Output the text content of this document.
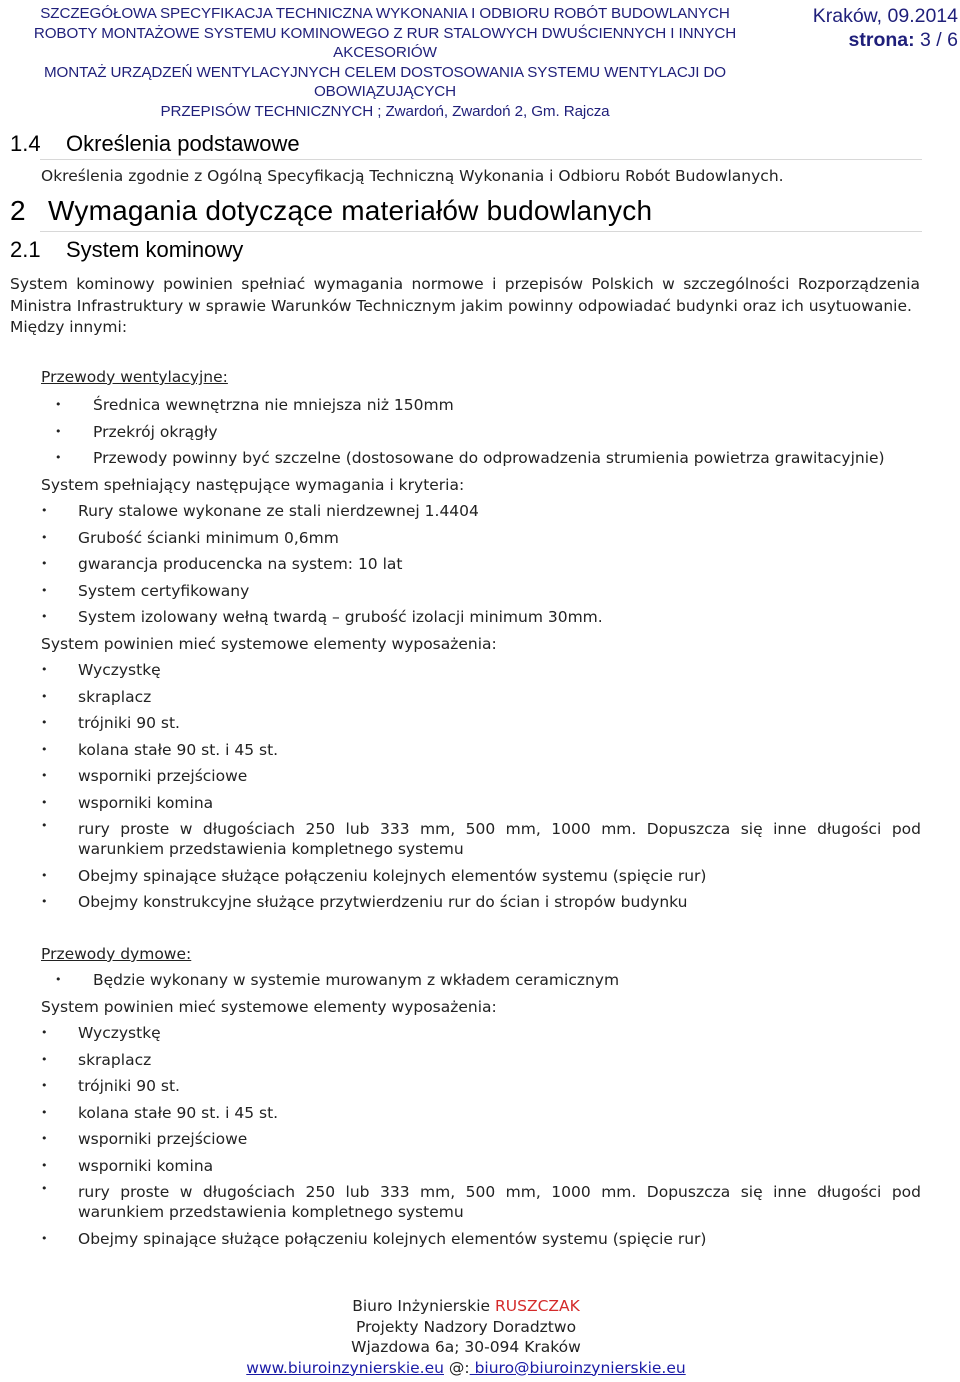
SZCZEGÓŁOWA SPECYFIKACJA TECHNICZNA WYKONANIA I ODBIORU ROBÓT BUDOWLANYCH
ROBOTY MONTAŻOWE SYSTEMU KOMINOWEGO Z RUR STALOWYCH DWUŚCIENNYCH I INNYCH AKCESORIÓW
MONTAŻ URZĄDZEŃ WENTYLACYJNYCH CELEM DOSTOSOWANIA SYSTEMU WENTYLACJI DO OBOWIĄZUJĄCYCH
PRZEPISÓW TECHNICZNYCH ; Zwardoń, Zwardoń 2, Gm. Rajcza
Kraków, 09.2014
strona: 3 / 6
1.4 Określenia podstawowe
Określenia zgodnie z Ogólną Specyfikacją Techniczną Wykonania i Odbioru Robót Budowlanych.
2 Wymagania dotyczące materiałów budowlanych
2.1 System kominowy
System kominowy powinien spełniać wymagania normowe i przepisów Polskich w szczególności Rozporządzenia Ministra Infrastruktury w sprawie Warunków Technicznym jakim powinny odpowiadać budynki oraz ich usytuowanie.
Między innymi:
Przewody wentylacyjne:
• Średnica wewnętrzna nie mniejsza niż 150mm
• Przekrój okrągły
• Przewody powinny być szczelne (dostosowane do odprowadzenia strumienia powietrza grawitacyjnie)
System spełniający następujące wymagania i kryteria:
• Rury stalowe wykonane ze stali nierdzewnej 1.4404
• Grubość ścianki minimum 0,6mm
• gwarancja producencka na system: 10 lat
• System certyfikowany
• System izolowany wełną twardą – grubość izolacji minimum 30mm.
System powinien mieć systemowe elementy wyposażenia:
• Wyczystkę
• skraplacz
• trójniki 90 st.
• kolana stałe 90 st. i 45 st.
• wsporniki przejściowe
• wsporniki komina
• rury proste w długościach 250 lub 333 mm, 500 mm, 1000 mm. Dopuszcza się inne długości pod warunkiem przedstawienia kompletnego systemu
• Obejmy spinające służące połączeniu kolejnych elementów systemu (spięcie rur)
• Obejmy konstrukcyjne służące przytwierdzeniu rur do ścian i stropów budynku
Przewody dymowe:
• Będzie wykonany w systemie murowanym z wkładem ceramicznym
System powinien mieć systemowe elementy wyposażenia:
• Wyczystkę
• skraplacz
• trójniki 90 st.
• kolana stałe 90 st. i 45 st.
• wsporniki przejściowe
• wsporniki komina
• rury proste w długościach 250 lub 333 mm, 500 mm, 1000 mm. Dopuszcza się inne długości pod warunkiem przedstawienia kompletnego systemu
• Obejmy spinające służące połączeniu kolejnych elementów systemu (spięcie rur)
Biuro Inżynierskie RUSZCZAK
Projekty Nadzory Doradztwo
Wjazdowa 6a; 30-094 Kraków
www.biuroinzynierskie.eu @: biuro@biuroinzynierskie.eu
